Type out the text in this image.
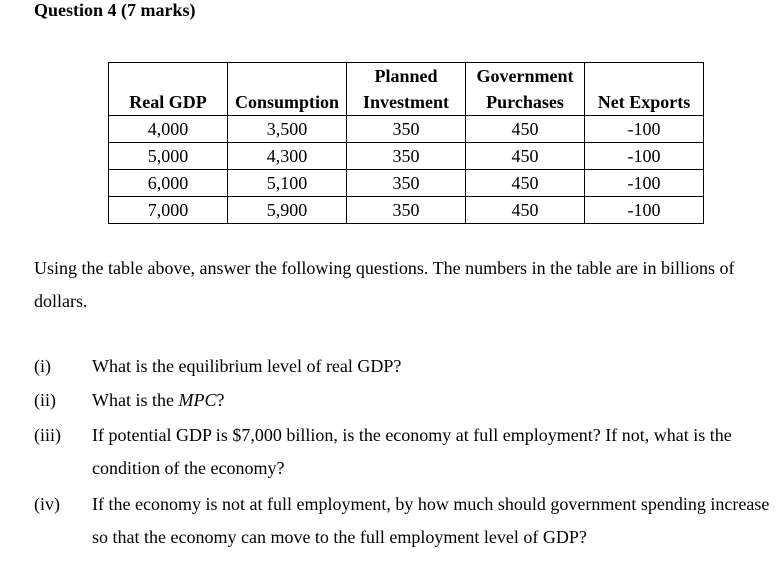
Question 4 (7 marks)
		Planned	Government	
Real GDP	Consumption	Investment	Purchases	Net Exports
4,000	3,500	350	450	-100
5,000	4,300	350	450	-100
6,000	5,100	350	450	-100
7,000	5,900	350	450	-100
Using the table above, answer the following questions. The numbers in the table are in billions of dollars.
(i) What is the equilibrium level of real GDP?
(ii) What is the MPC?
(iii) If potential GDP is $7,000 billion, is the economy at full employment? If not, what is the condition of the economy?
(iv) If the economy is not at full employment, by how much should government spending increase so that the economy can move to the full employment level of GDP?
